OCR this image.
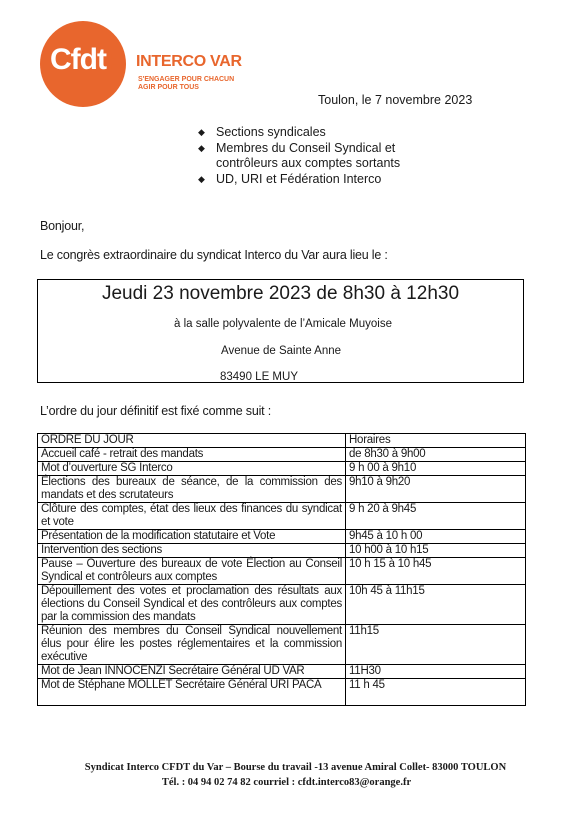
Cfdt : INTERCO VAR
S'ENGAGER POUR CHACUN
AGIR POUR TOUS
Toulon, le 7 novembre 2023
◆ Sections syndicales
◆ Membres du Conseil Syndical et
contrôleurs aux comptes sortants
◆ UD, URI et Fédération Interco
Bonjour,
Le congrès extraordinaire du syndicat Interco du Var aura lieu le :
Jeudi 23 novembre 2023 de 8h30 à 12h30
à la salle polyvalente de l’Amicale Muyoise
Avenue de Sainte Anne
83490 LE MUY
L’ordre du jour définitif est fixé comme suit :
ORDRE DU JOUR	Horaires
Accueil café - retrait des mandats	de 8h30 à 9h00
Mot d’ouverture SG Interco	9 h 00 à 9h10
Élections des bureaux de séance, de la commission des mandats et des scrutateurs	9h10 à 9h20
Clôture des comptes, état des lieux des finances du syndicat et vote	9 h 20 à 9h45
Présentation de la modification statutaire et Vote	9h45 à 10 h 00
Intervention des sections	10 h00 à 10 h15
Pause – Ouverture des bureaux de vote Élection au Conseil Syndical et contrôleurs aux comptes	10 h 15 à 10 h45
Dépouillement des votes et proclamation des résultats aux élections du Conseil Syndical et des contrôleurs aux comptes par la commission des mandats	10h 45 à 11h15
Réunion des membres du Conseil Syndical nouvellement élus pour élire les postes réglementaires et la commission exécutive	11h15
Mot de Jean INNOCENZI Secrétaire Général UD VAR	11H30
Mot de Stéphane MOLLET Secrétaire Général URI PACA	11 h 45
Syndicat Interco CFDT du Var – Bourse du travail -13 avenue Amiral Collet- 83000 TOULON
Tél. : 04 94 02 74 82 courriel : cfdt.interco83@orange.fr
